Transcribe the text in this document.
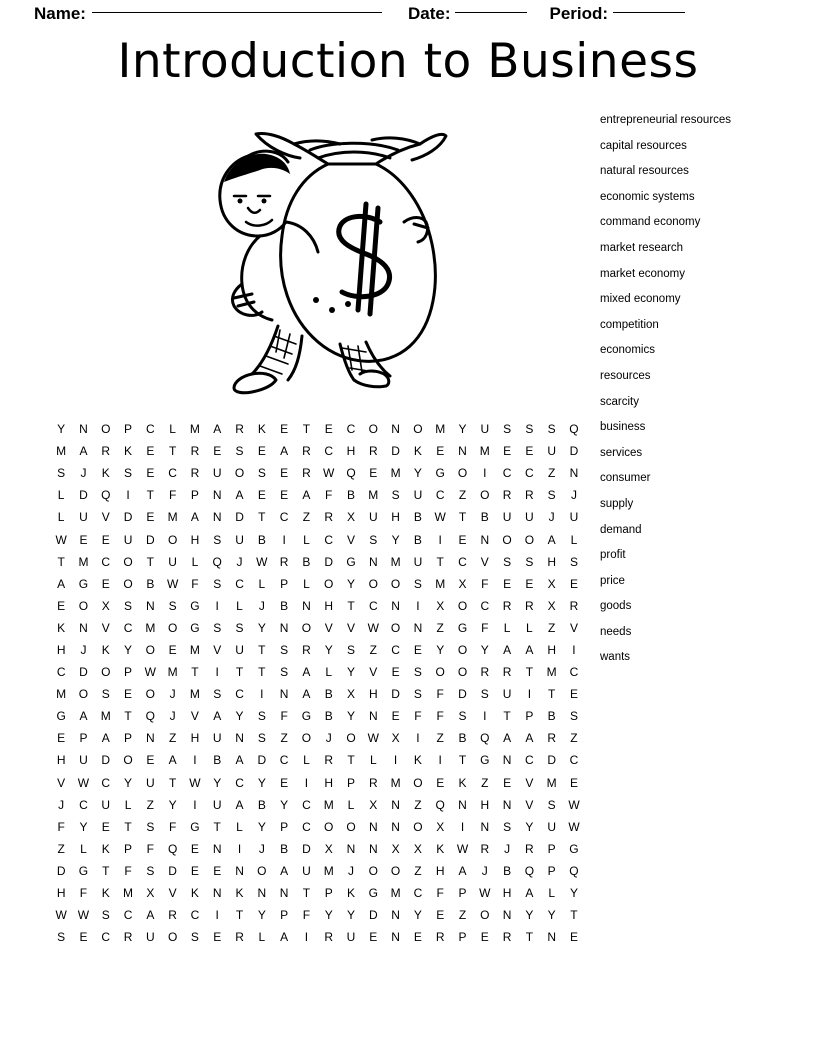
Name:	Date:	Period:
Introduction to Business
entrepreneurial resources
capital resources
natural resources
economic systems
command economy
market research
market economy
mixed economy
competition
economics
resources
scarcity
business
services
consumer
supply
demand
profit
price
goods
needs
wants
Y	N	O	P	C	L	M	A	R	K	E	T	E	C	O	N	O	M	Y	U	S	S	S	Q
M	A	R	K	E	T	R	E	S	E	A	R	C	H	R	D	K	E	N	M	E	E	U	D
S	J	K	S	E	C	R	U	O	S	E	R	W Q	E	M	Y	G	O	I	C	C	Z	N
L	D	Q	I	T	F	P	N	A	E	E	A	F	B	M	S	U	C	Z	O	R	R	S	J
L	U	V	D	E	M	A	N	D	T	C	Z	R	X	U	H	B	W	T	B	U	U	J	U
W	E	E	U	D	O	H	S	U	B	I	L	C	V	S	Y	B	I	E	N	O	O	A	L
T	M	C	O	T	U	L	Q	J	W	R	B	D	G	N	M	U	T	C	V	S	S	H	S
A	G	E	O	B	W	F	S	C	L	P	L	O	Y	O	O	S	M	X	F	E	E	X	E
E	O	X	S	N	S	G	I	L	J	B	N	H	T	C	N	I	X	O	C	R	R	X	R
K	N	V	C	M	O	G	S	S	Y	N	O	V	V	W O	N	Z	G	F	L	L	Z	V
H	J	K	Y	O	E	M	V	U	T	S	R	Y	S	Z	C	E	Y	O	Y	A	A	H	I
C	D	O	P	W M	T	I	T	T	S	A	L	Y	V	E	S	O	O	R	R	T	M	C
M	O	S	E	O	J	M	S	C	I	N	A	B	X	H	D	S	F	D	S	U	I	T	E
G	A	M	T	Q	J	V	A	Y	S	F	G	B	Y	N	E	F	F	S	I	T	P	B	S
E	P	A	P	N	Z	H	U	N	S	Z	O	J	O W	X	I	Z	B	Q	A	A	R	Z
H	U	D	O	E	A	I	B	A	D	C	L	R	T	L	I	K	I	T	G	N	C	D	C
V	W	C	Y	U	T	W	Y	C	Y	E	I	H	P	R	M	O	E	K	Z	E	V	M	E
J	C	U	L	Z	Y	I	U	A	B	Y	C	M	L	X	N	Z	Q	N	H	N	V	S	W
F	Y	E	T	S	F	G	T	L	Y	P	C	O	O	N	N	O	X	I	N	S	Y	U	W
Z	L	K	P	F	Q	E	N	I	J	B	D	X	N	N	X	X	K	W	R	J	R	P	G
D	G	T	F	S	D	E	E	N	O	A	U	M	J	O	O	Z	H	A	J	B	Q	P	Q
H	F	K	M	X	V	K	N	K	N	N	T	P	K	G	M	C	F	P	W	H	A	L	Y
W W	S	C	A	R	C	I	T	Y	P	F	Y	Y	D	N	Y	E	Z	O	N	Y	Y	T
S	E	C	R	U	O	S	E	R	L	A	I	R	U	E	N	E	R	P	E	R	T	N	E
